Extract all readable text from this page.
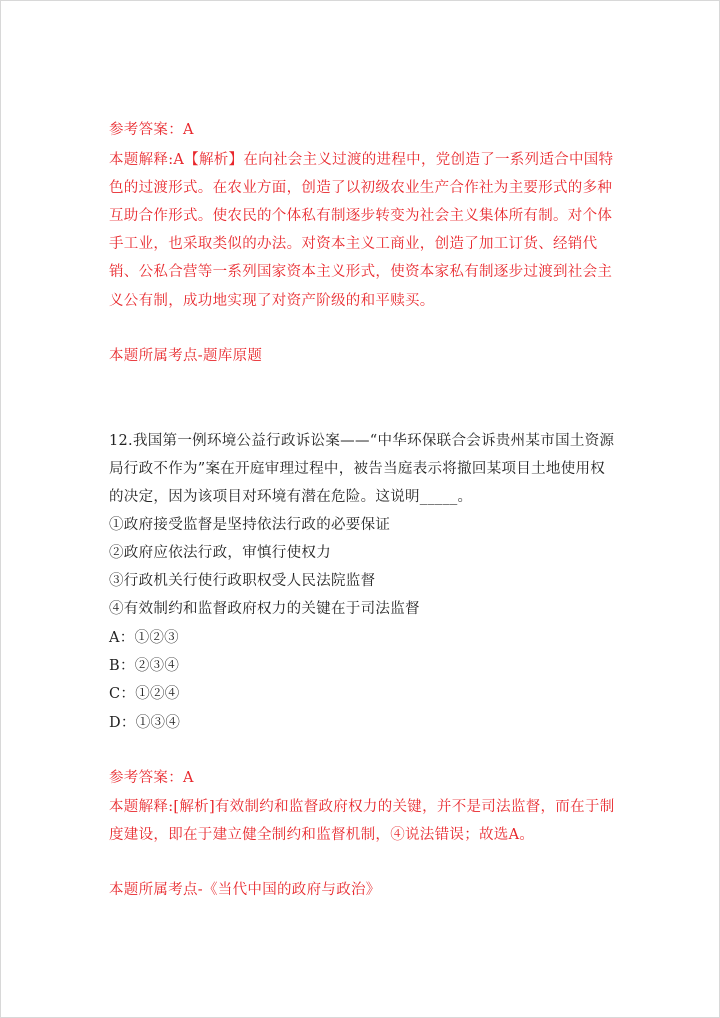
参考答案：A
本题解释:A【解析】在向社会主义过渡的进程中，党创造了一系列适合中国特
色的过渡形式。在农业方面，创造了以初级农业生产合作社为主要形式的多种
互助合作形式。使农民的个体私有制逐步转变为社会主义集体所有制。对个体
手工业，也采取类似的办法。对资本主义工商业，创造了加工订货、经销代
销、公私合营等一系列国家资本主义形式，使资本家私有制逐步过渡到社会主
义公有制，成功地实现了对资产阶级的和平赎买。
本题所属考点-题库原题
12.我国第一例环境公益行政诉讼案——“中华环保联合会诉贵州某市国土资源
局行政不作为”案在开庭审理过程中，被告当庭表示将撤回某项目土地使用权
的决定，因为该项目对环境有潜在危险。这说明_____。
①政府接受监督是坚持依法行政的必要保证
②政府应依法行政，审慎行使权力
③行政机关行使行政职权受人民法院监督
④有效制约和监督政府权力的关键在于司法监督
A：①②③
B：②③④
C：①②④
D：①③④
参考答案：A
本题解释:[解析]有效制约和监督政府权力的关键，并不是司法监督，而在于制
度建设，即在于建立健全制约和监督机制，④说法错误；故选A。
本题所属考点-《当代中国的政府与政治》
